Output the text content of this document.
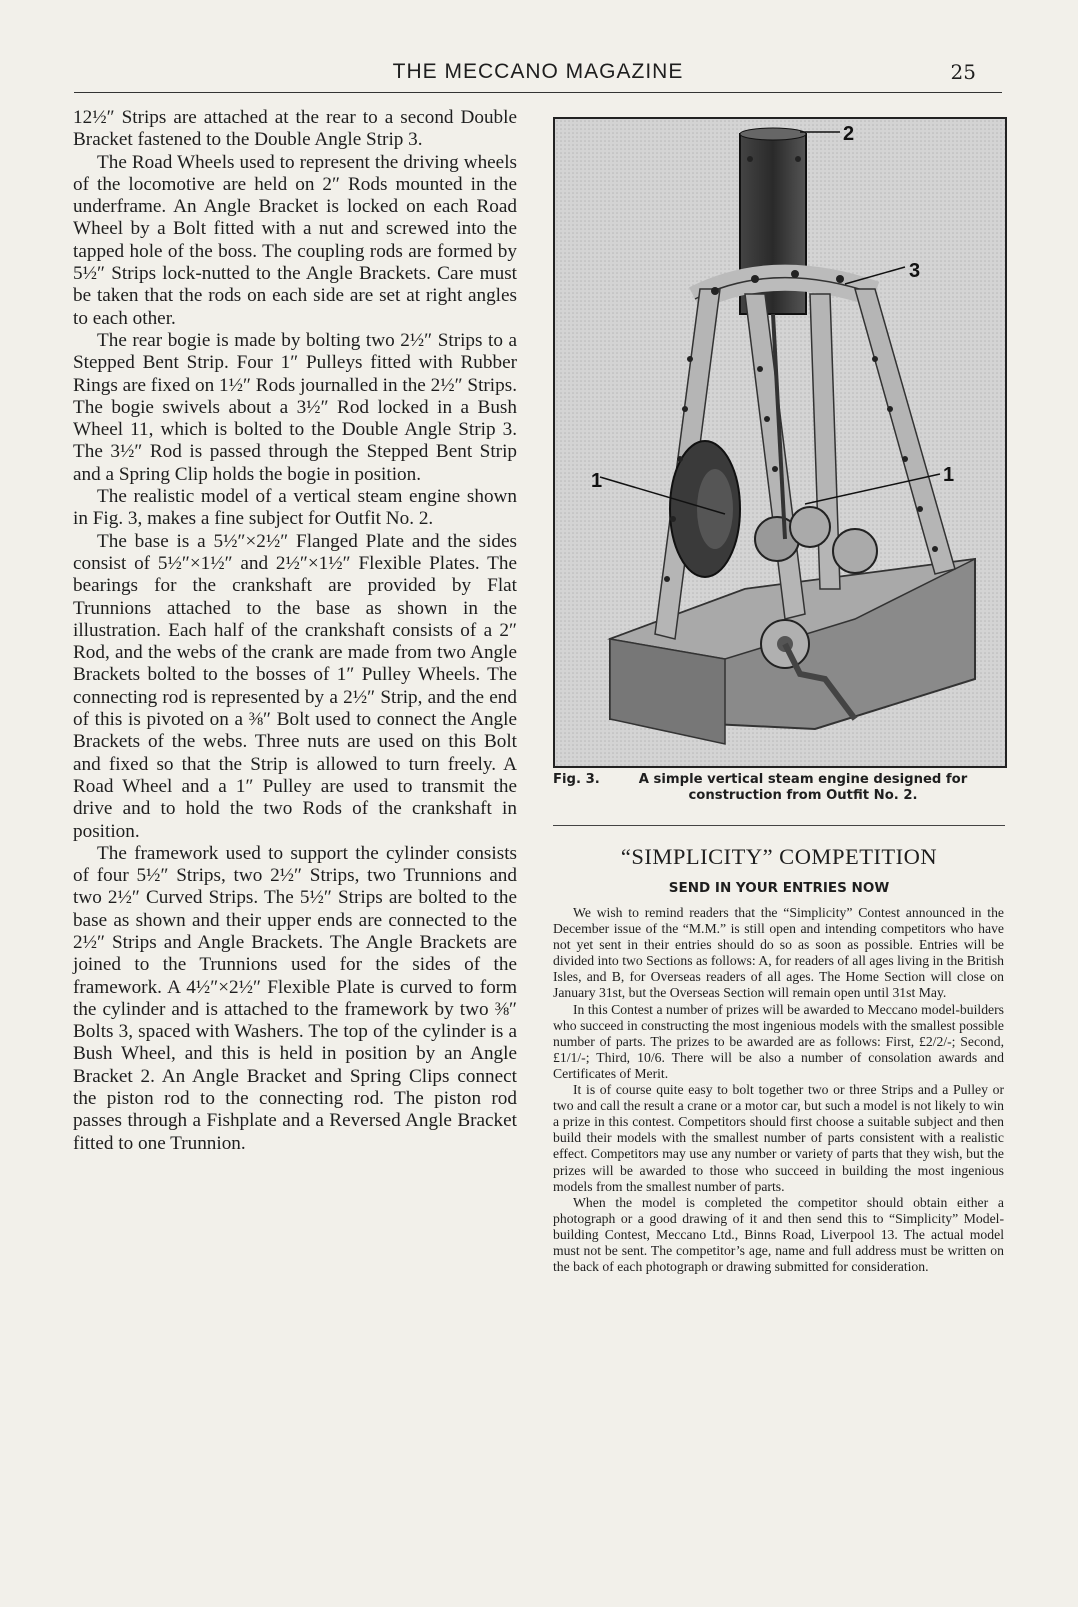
THE MECCANO MAGAZINE	25

12½″ Strips are attached at the rear to a second Double Bracket fastened to the Double Angle Strip 3.

The Road Wheels used to represent the driving wheels of the locomotive are held on 2″ Rods mounted in the underframe. An Angle Bracket is locked on each Road Wheel by a Bolt fitted with a nut and screwed into the tapped hole of the boss. The coupling rods are formed by 5½″ Strips lock-nutted to the Angle Brackets. Care must be taken that the rods on each side are set at right angles to each other.

The rear bogie is made by bolting two 2½″ Strips to a Stepped Bent Strip. Four 1″ Pulleys fitted with Rubber Rings are fixed on 1½″ Rods journalled in the 2½″ Strips. The bogie swivels about a 3½″ Rod locked in a Bush Wheel 11, which is bolted to the Double Angle Strip 3. The 3½″ Rod is passed through the Stepped Bent Strip and a Spring Clip holds the bogie in position.

The realistic model of a vertical steam engine shown in Fig. 3, makes a fine subject for Outfit No. 2.

The base is a 5½″×2½″ Flanged Plate and the sides consist of 5½″×1½″ and 2½″×1½″ Flexible Plates. The bearings for the crankshaft are provided by Flat Trunnions attached to the base as shown in the illustration. Each half of the crankshaft consists of a 2″ Rod, and the webs of the crank are made from two Angle Brackets bolted to the bosses of 1″ Pulley Wheels. The connecting rod is represented by a 2½″ Strip, and the end of this is pivoted on a ⅜″ Bolt used to connect the Angle Brackets of the webs. Three nuts are used on this Bolt and fixed so that the Strip is allowed to turn freely. A Road Wheel and a 1″ Pulley are used to transmit the drive and to hold the two Rods of the crankshaft in position.

The framework used to support the cylinder consists of four 5½″ Strips, two 2½″ Strips, two Trunnions and two 2½″ Curved Strips. The 5½″ Strips are bolted to the base as shown and their upper ends are connected to the 2½″ Strips and Angle Brackets. The Angle Brackets are joined to the Trunnions used for the sides of the framework. A 4½″×2½″ Flexible Plate is curved to form the cylinder and is attached to the framework by two ⅜″ Bolts 3, spaced with Washers. The top of the cylinder is a Bush Wheel, and this is held in position by an Angle Bracket 2. An Angle Bracket and Spring Clips connect the piston rod to the connecting rod. The piston rod passes through a Fishplate and a Reversed Angle Bracket fitted to one Trunnion.

2
3
1	1
Fig. 3.	A simple vertical steam engine designed for construction from Outfit No. 2.
“SIMPLICITY” COMPETITION
SEND IN YOUR ENTRIES NOW

We wish to remind readers that the “Simplicity” Contest announced in the December issue of the “M.M.” is still open and intending competitors who have not yet sent in their entries should do so as soon as possible. Entries will be divided into two Sections as follows: A, for readers of all ages living in the British Isles, and B, for Overseas readers of all ages. The Home Section will close on January 31st, but the Overseas Section will remain open until 31st May.

In this Contest a number of prizes will be awarded to Meccano model-builders who succeed in constructing the most ingenious models with the smallest possible number of parts. The prizes to be awarded are as follows: First, £2/2/-; Second, £1/1/-; Third, 10/6. There will be also a number of consolation awards and Certificates of Merit.

It is of course quite easy to bolt together two or three Strips and a Pulley or two and call the result a crane or a motor car, but such a model is not likely to win a prize in this contest. Competitors should first choose a suitable subject and then build their models with the smallest number of parts consistent with a realistic effect. Competitors may use any number or variety of parts that they wish, but the prizes will be awarded to those who succeed in building the most ingenious models from the smallest number of parts.

When the model is completed the competitor should obtain either a photograph or a good drawing of it and then send this to “Simplicity” Model-building Contest, Meccano Ltd., Binns Road, Liverpool 13. The actual model must not be sent. The competitor’s age, name and full address must be written on the back of each photograph or drawing submitted for consideration.
